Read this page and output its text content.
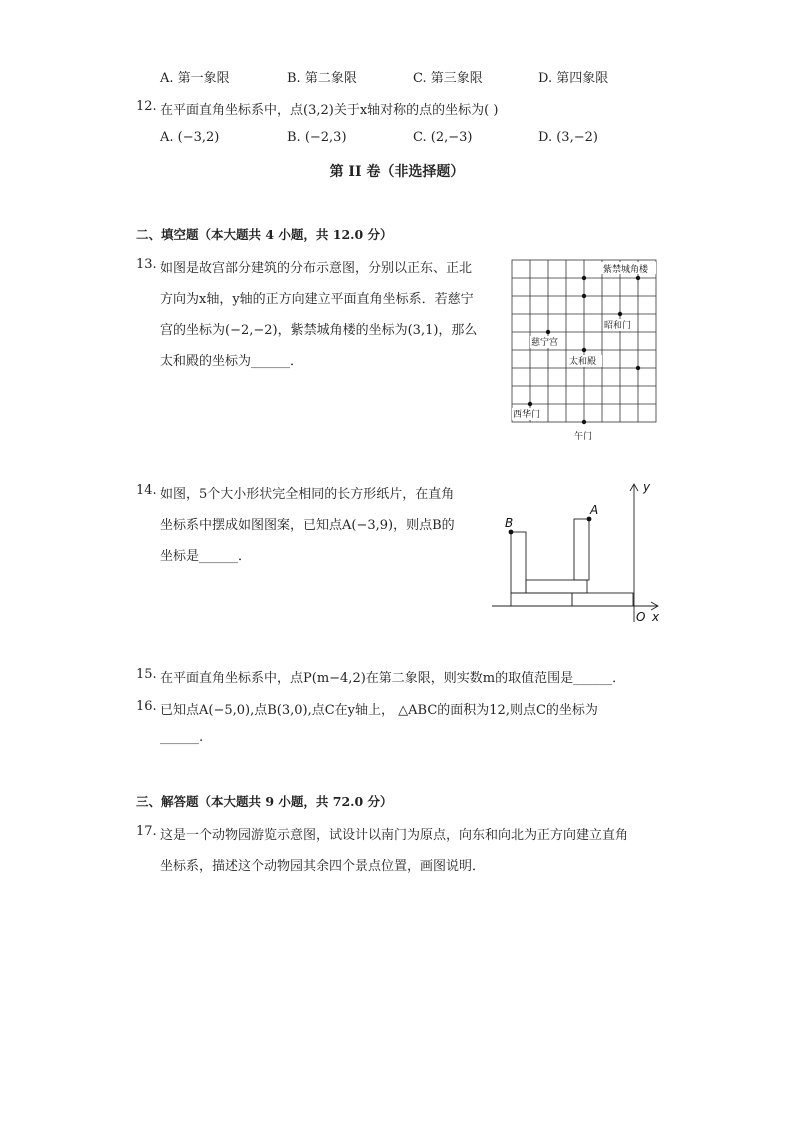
A. 第一象限	B. 第二象限	C. 第三象限	D. 第四象限
12. 在平面直角坐标系中，点(3,2)关于x轴对称的点的坐标为( )
A. (−3,2)	B. (−2,3)	C. (2,−3)	D. (3,−2)
第 II 卷（非选择题）
二、填空题（本大题共 4 小题，共 12.0 分）
13. 如图是故宫部分建筑的分布示意图，分别以正东、正北
方向为x轴，y轴的正方向建立平面直角坐标系．若慈宁
宫的坐标为(−2,−2)，紫禁城角楼的坐标为(3,1)，那么
太和殿的坐标为______．
紫禁城角楼
昭和门
慈宁宫
太和殿
西华门
午门
14. 如图，5个大小形状完全相同的长方形纸片，在直角
坐标系中摆成如图图案，已知点A(−3,9)，则点B的
坐标是______．
B
A
y
x
O
15. 在平面直角坐标系中，点P(m−4,2)在第二象限，则实数m的取值范围是______．
16. 已知点A(−5,0),点B(3,0),点C在y轴上， △ABC的面积为12,则点C的坐标为
______.
三、解答题（本大题共 9 小题，共 72.0 分）
17. 这是一个动物园游览示意图，试设计以南门为原点，向东和向北为正方向建立直角
坐标系，描述这个动物园其余四个景点位置，画图说明．
